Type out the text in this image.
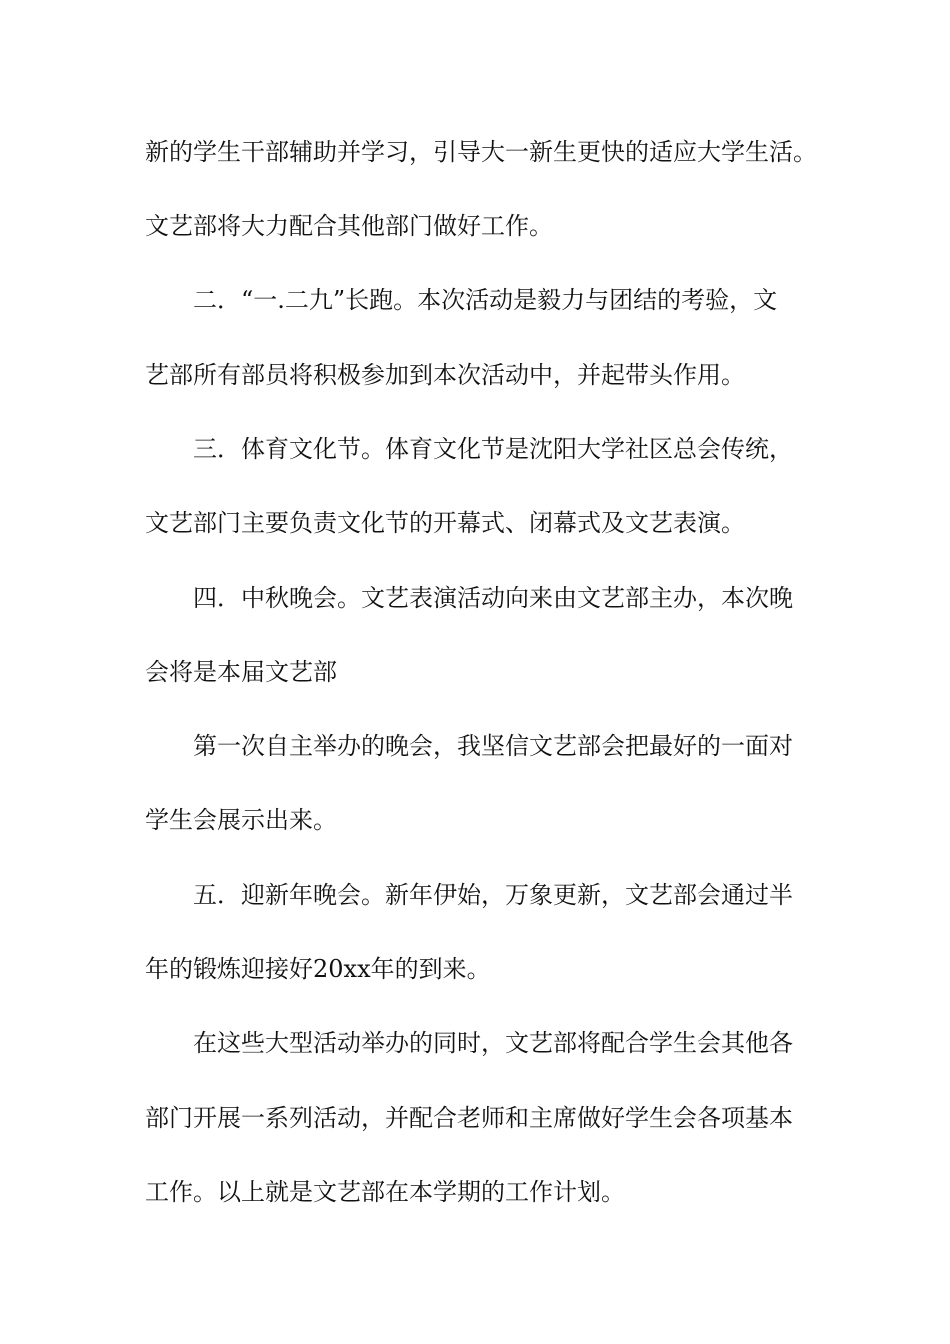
新的学生干部辅助并学习，引导大一新生更快的适应大学生活。

文艺部将大力配合其他部门做好工作。

二．“一.二九”长跑。本次活动是毅力与团结的考验，文

艺部所有部员将积极参加到本次活动中，并起带头作用。

三．体育文化节。体育文化节是沈阳大学社区总会传统，

文艺部门主要负责文化节的开幕式、闭幕式及文艺表演。

四．中秋晚会。文艺表演活动向来由文艺部主办，本次晚

会将是本届文艺部

第一次自主举办的晚会，我坚信文艺部会把最好的一面对

学生会展示出来。

五．迎新年晚会。新年伊始，万象更新，文艺部会通过半

年的锻炼迎接好20xx年的到来。

在这些大型活动举办的同时，文艺部将配合学生会其他各

部门开展一系列活动，并配合老师和主席做好学生会各项基本

工作。以上就是文艺部在本学期的工作计划。
